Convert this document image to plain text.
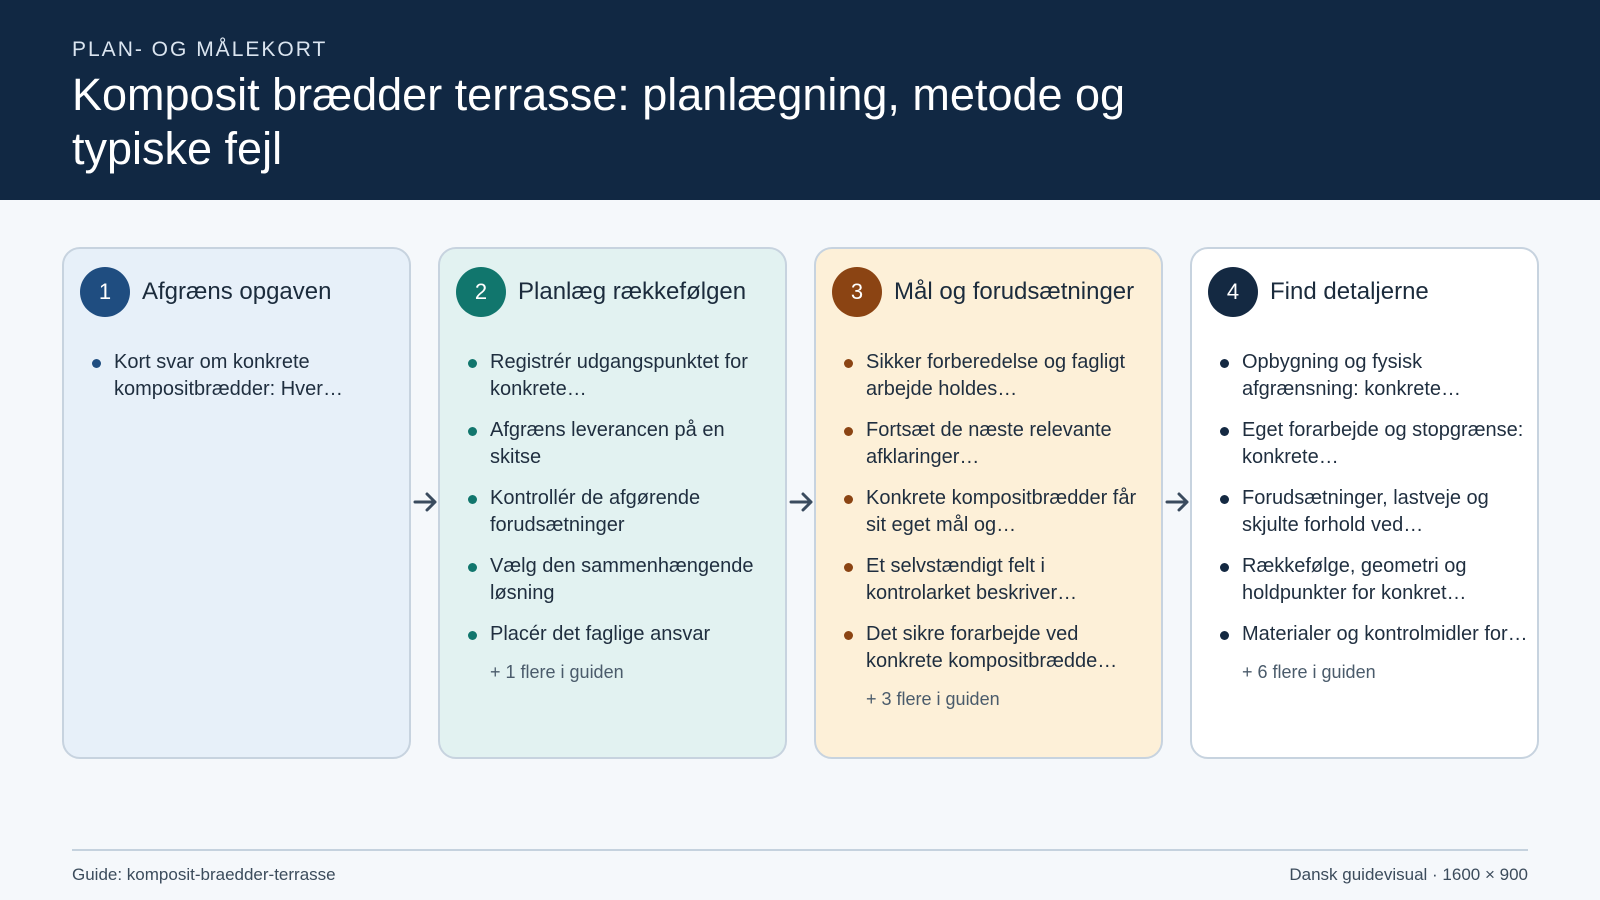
PLAN- OG MÅLEKORT
Komposit brædder terrasse: planlægning, metode og typiske fejl
1	Afgræns opgaven
Kort svar om konkrete kompositbrædder: Hver…
2	Planlæg rækkefølgen
Registrér udgangspunktet for konkrete…
Afgræns leverancen på en skitse
Kontrollér de afgørende forudsætninger
Vælg den sammenhængende løsning
Placér det faglige ansvar
+ 1 flere i guiden
3	Mål og forudsætninger
Sikker forberedelse og fagligt arbejde holdes…
Fortsæt de næste relevante afklaringer…
Konkrete kompositbrædder får sit eget mål og…
Et selvstændigt felt i kontrolarket beskriver…
Det sikre forarbejde ved konkrete kompositbrædde…
+ 3 flere i guiden
4	Find detaljerne
Opbygning og fysisk afgrænsning: konkrete…
Eget forarbejde og stopgrænse: konkrete…
Forudsætninger, lastveje og skjulte forhold ved…
Rækkefølge, geometri og holdpunkter for konkret…
Materialer og kontrolmidler for…
+ 6 flere i guiden
Guide: komposit-braedder-terrasse	Dansk guidevisual · 1600 × 900
